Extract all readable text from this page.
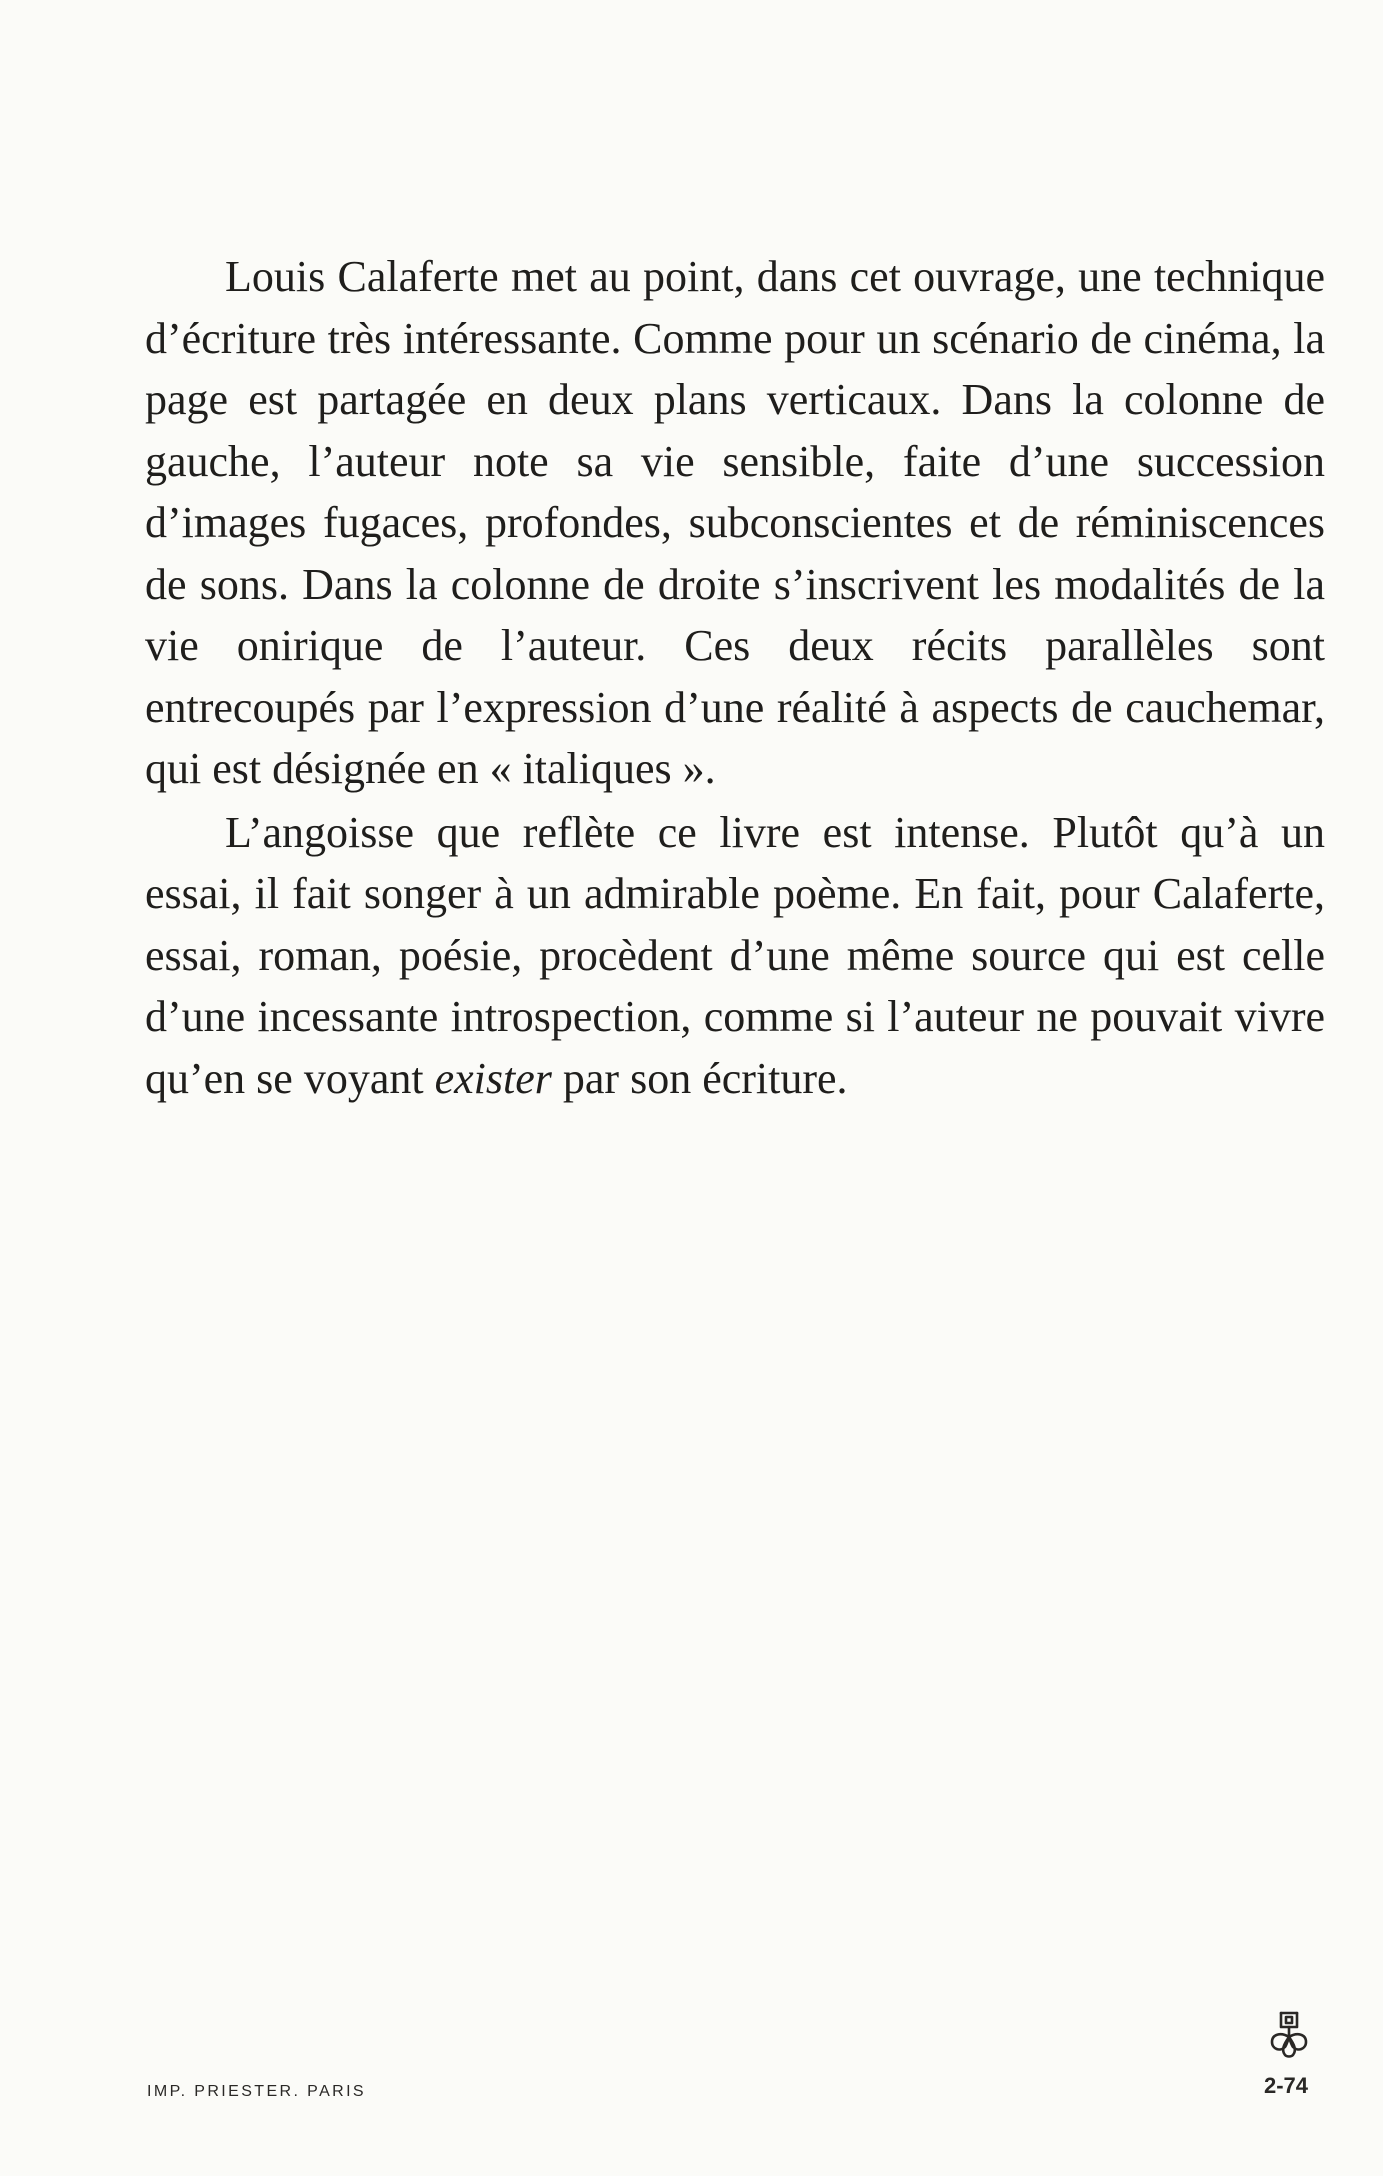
Louis Calaferte met au point, dans cet ouvrage, une technique d’écriture très intéressante. Comme pour un scénario de cinéma, la page est partagée en deux plans verticaux. Dans la colonne de gauche, l’auteur note sa vie sensible, faite d’une succession d’images fugaces, profondes, subconscientes et de réminiscences de sons. Dans la colonne de droite s’inscrivent les modalités de la vie onirique de l’auteur. Ces deux récits parallèles sont entrecoupés par l’expression d’une réalité à aspects de cauchemar, qui est désignée en « italiques ».

L’angoisse que reflète ce livre est intense. Plutôt qu’à un essai, il fait songer à un admirable poème. En fait, pour Calaferte, essai, roman, poésie, procèdent d’une même source qui est celle d’une incessante introspection, comme si l’auteur ne pouvait vivre qu’en se voyant exister par son écriture.

IMP. PRIESTER. PARIS	2-74
